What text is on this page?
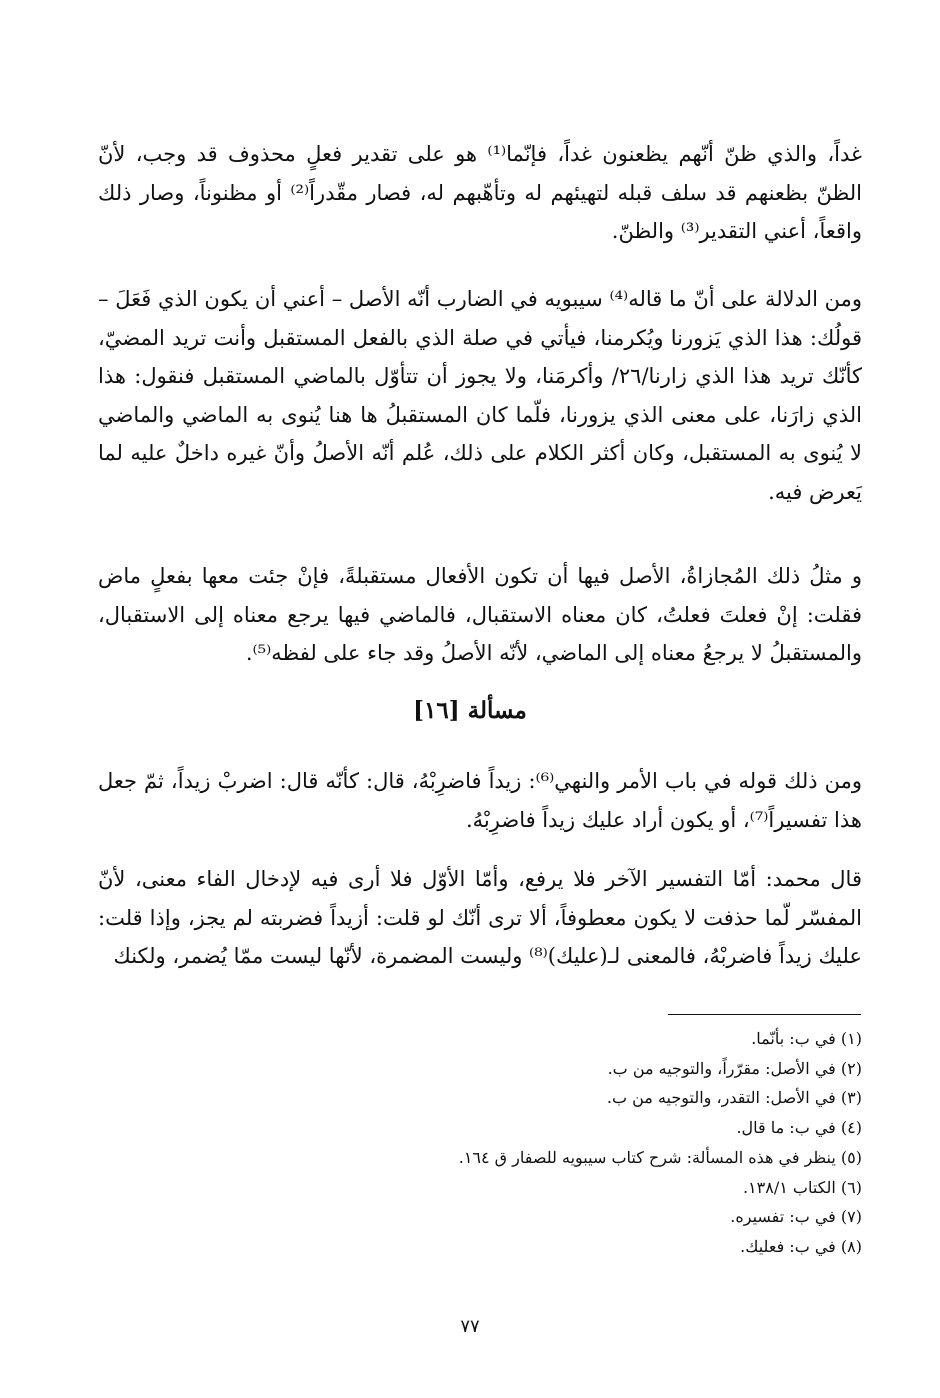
غداً، والذي ظنّ أنّهم يظعنون غداً، فإنّما⁽¹⁾ هو على تقدير فعلٍ محذوف قد وجب، لأنّ الظنّ بظعنهم قد سلف قبله لتهيئهم له وتأهّبهم له، فصار مقّدراً⁽²⁾ أو مظنوناً، وصار ذلك واقعاً، أعني التقدير⁽³⁾ والظنّ.

ومن الدلالة على أنّ ما قاله⁽⁴⁾ سيبويه في الضارب أنّه الأصل – أعني أن يكون الذي فَعَلَ – قولُك: هذا الذي يَزورنا ويُكرمنا، فيأتي في صلة الذي بالفعل المستقبل وأنت تريد المضيّ، كأنّك تريد هذا الذي زارنا/٢٦/ وأكرمَنا، ولا يجوز أن تتأوّل بالماضي المستقبل فنقول: هذا الذي زارَنا، على معنى الذي يزورنا، فلّما كان المستقبلُ ها هنا يُنوى به الماضي والماضي لا يُنوى به المستقبل، وكان أكثر الكلام على ذلك، عُلم أنّه الأصلُ وأنّ غيره داخلٌ عليه لما يَعرض فيه.

و مثلُ ذلك المُجازاةُ، الأصل فيها أن تكون الأفعال مستقبلةً، فإنْ جئت معها بفعلٍ ماض فقلت: إنْ فعلتَ فعلتُ، كان معناه الاستقبال، فالماضي فيها يرجع معناه إلى الاستقبال، والمستقبلُ لا يرجعُ معناه إلى الماضي، لأنّه الأصلُ وقد جاء على لفظه⁽⁵⁾.

مسألة [١٦]

ومن ذلك قوله في باب الأمر والنهي⁽⁶⁾: زيداً فاضرِبْهُ، قال: كأنّه قال: اضربْ زيداً، ثمّ جعل هذا تفسيراً⁽⁷⁾، أو يكون أراد عليك زيداً فاضرِبْهُ.

قال محمد: أمّا التفسير الآخر فلا يرفع، وأمّا الأوّل فلا أرى فيه لإدخال الفاء معنى، لأنّ المفسّر لّما حذفت لا يكون معطوفاً، ألا ترى أنّك لو قلت: أزيداً فضربته لم يجز، وإذا قلت: عليك زيداً فاضربْهُ، فالمعنى لـ(عليك)⁽⁸⁾ وليست المضمرة، لأنّها ليست ممّا يُضمر، ولكنك

(١) في ب: بأنّما.

(٢) في الأصل: مقرّراً، والتوجيه من ب.

(٣) في الأصل: التقدر، والتوجيه من ب.

(٤) في ب: ما قال.

(٥) ينظر في هذه المسألة: شرح كتاب سيبويه للصفار ق ١٦٤.

(٦) الكتاب ١٣٨/١.

(٧) في ب: تفسيره.

(٨) في ب: فعليك.

٧٧
